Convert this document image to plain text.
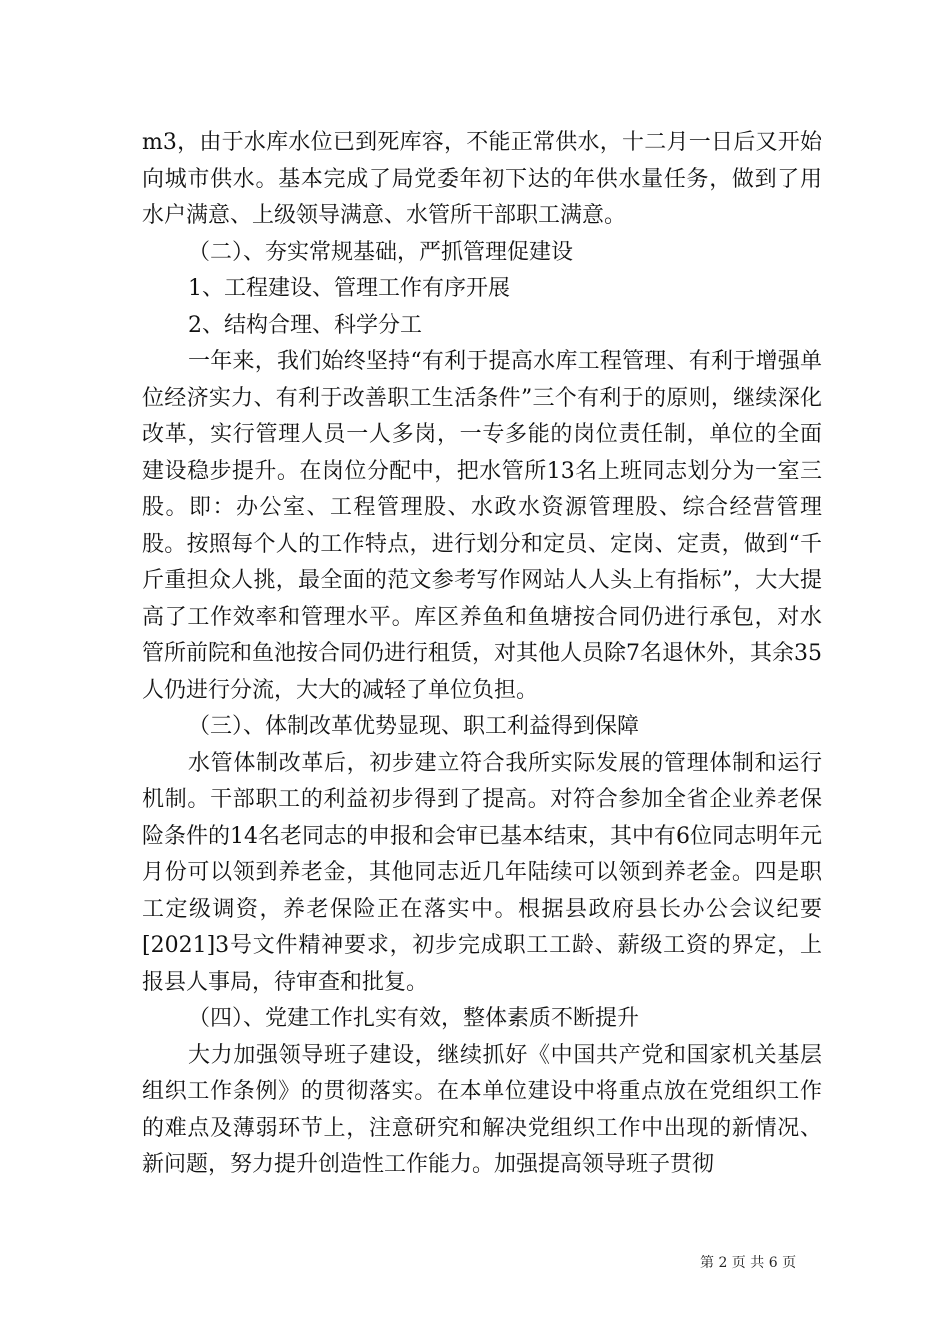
m3，由于水库水位已到死库容，不能正常供水，十二月一日后又开始向城市供水。基本完成了局党委年初下达的年供水量任务，做到了用水户满意、上级领导满意、水管所干部职工满意。

（二）、夯实常规基础，严抓管理促建设

1、工程建设、管理工作有序开展

2、结构合理、科学分工

一年来，我们始终坚持“有利于提高水库工程管理、有利于增强单位经济实力、有利于改善职工生活条件”三个有利于的原则，继续深化改革，实行管理人员一人多岗，一专多能的岗位责任制，单位的全面建设稳步提升。在岗位分配中，把水管所13名上班同志划分为一室三股。即：办公室、工程管理股、水政水资源管理股、综合经营管理股。按照每个人的工作特点，进行划分和定员、定岗、定责，做到“千斤重担众人挑，最全面的范文参考写作网站人人头上有指标”，大大提高了工作效率和管理水平。库区养鱼和鱼塘按合同仍进行承包，对水管所前院和鱼池按合同仍进行租赁，对其他人员除7名退休外，其余35人仍进行分流，大大的减轻了单位负担。

（三）、体制改革优势显现、职工利益得到保障

水管体制改革后，初步建立符合我所实际发展的管理体制和运行机制。干部职工的利益初步得到了提高。对符合参加全省企业养老保险条件的14名老同志的申报和会审已基本结束，其中有6位同志明年元月份可以领到养老金，其他同志近几年陆续可以领到养老金。四是职工定级调资，养老保险正在落实中。根据县政府县长办公会议纪要[2021]3号文件精神要求，初步完成职工工龄、薪级工资的界定，上报县人事局，待审查和批复。

（四）、党建工作扎实有效，整体素质不断提升

大力加强领导班子建设，继续抓好《中国共产党和国家机关基层组织工作条例》的贯彻落实。在本单位建设中将重点放在党组织工作的难点及薄弱环节上，注意研究和解决党组织工作中出现的新情况、新问题，努力提升创造性工作能力。加强提高领导班子贯彻

第 2 页 共 6 页
